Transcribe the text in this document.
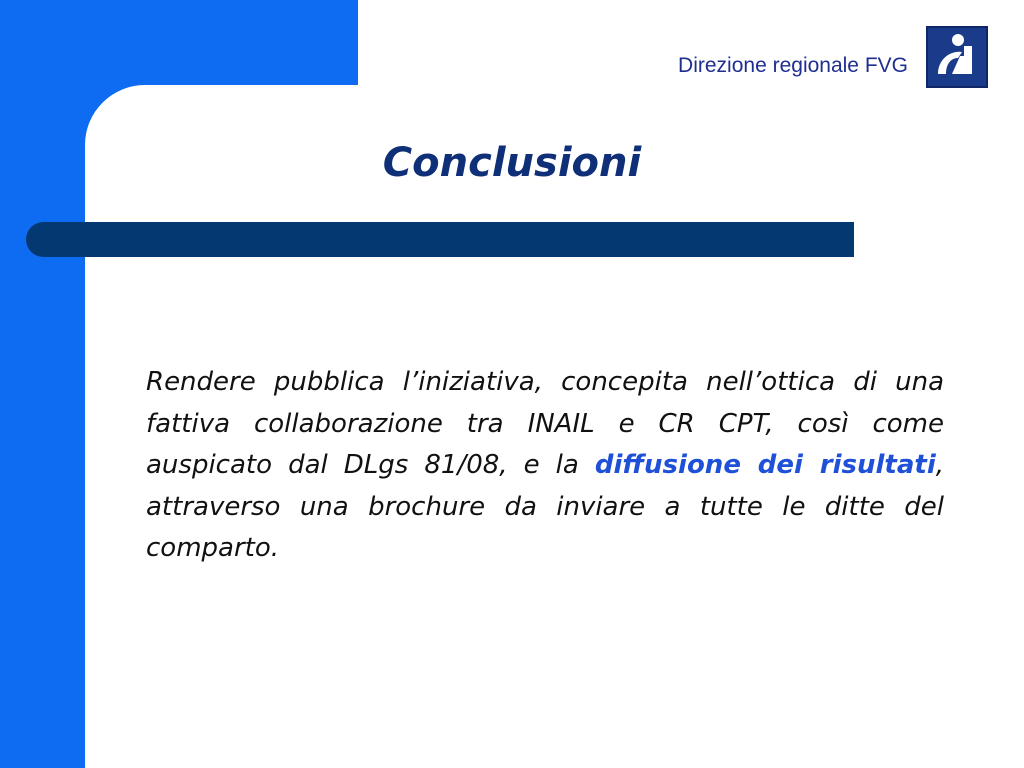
Direzione regionale FVG
Conclusioni
Rendere pubblica l’iniziativa, concepita nell’ottica di una fattiva collaborazione tra INAIL e CR CPT, così come auspicato dal DLgs 81/08, e la diffusione dei risultati, attraverso una brochure da inviare a tutte le ditte del comparto.
